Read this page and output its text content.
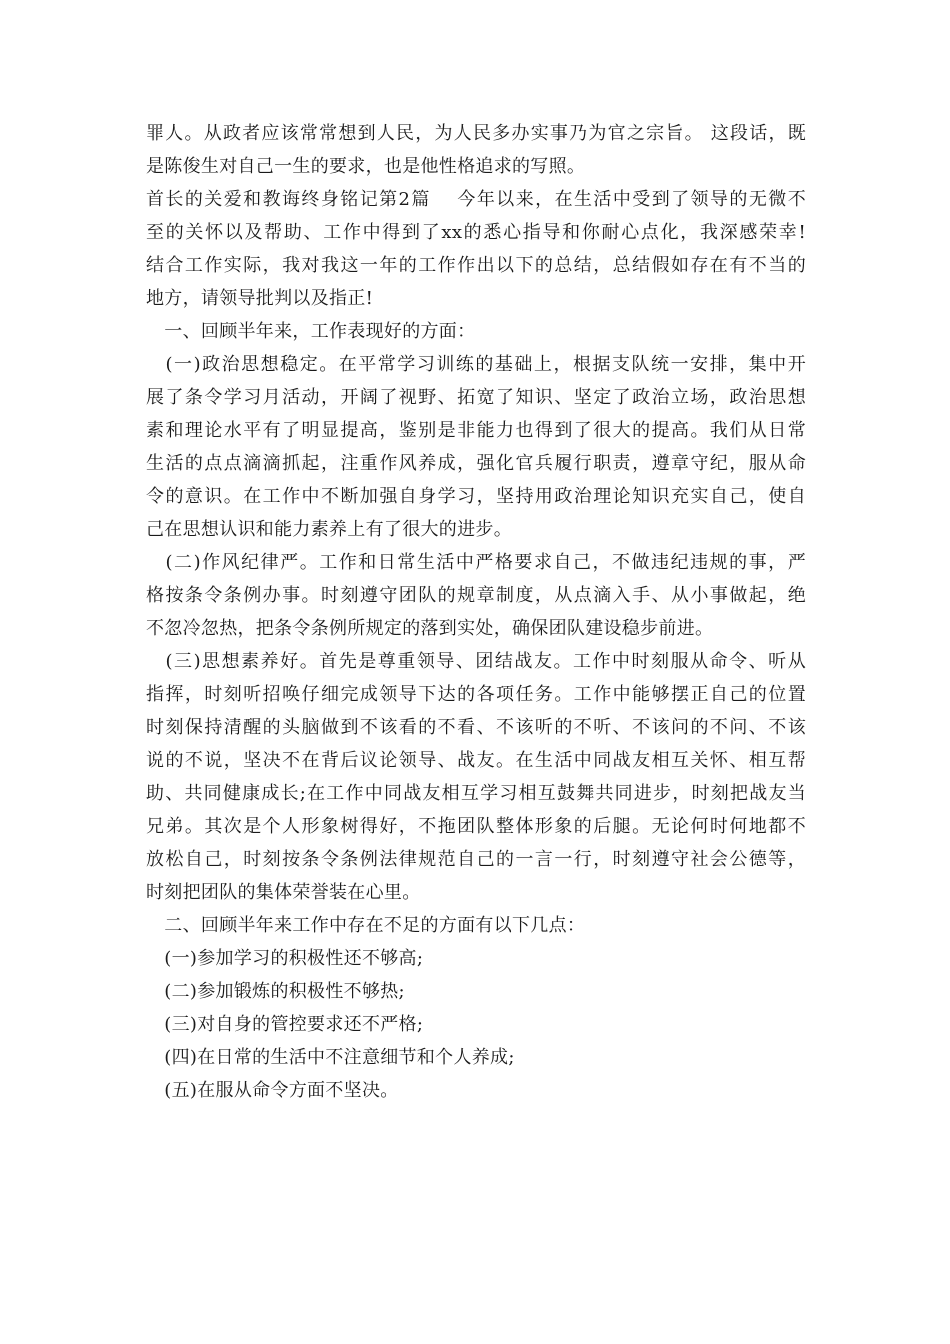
罪人。从政者应该常常想到人民，为人民多办实事乃为官之宗旨。 这段话，既
是陈俊生对自己一生的要求，也是他性格追求的写照。
首长的关爱和教诲终身铭记第2篇　 今年以来，在生活中受到了领导的无微不
至的关怀以及帮助、工作中得到了xx的悉心指导和你耐心点化，我深感荣幸!
结合工作实际，我对我这一年的工作作出以下的总结，总结假如存在有不当的
地方，请领导批判以及指正!
　一、回顾半年来，工作表现好的方面：
　(一)政治思想稳定。在平常学习训练的基础上，根据支队统一安排，集中开
展了条令学习月活动，开阔了视野、拓宽了知识、坚定了政治立场，政治思想
素和理论水平有了明显提高，鉴别是非能力也得到了很大的提高。我们从日常
生活的点点滴滴抓起，注重作风养成，强化官兵履行职责，遵章守纪，服从命
令的意识。在工作中不断加强自身学习，坚持用政治理论知识充实自己，使自
己在思想认识和能力素养上有了很大的进步。
　(二)作风纪律严。工作和日常生活中严格要求自己，不做违纪违规的事，严
格按条令条例办事。时刻遵守团队的规章制度，从点滴入手、从小事做起，绝
不忽冷忽热，把条令条例所规定的落到实处，确保团队建设稳步前进。
　(三)思想素养好。首先是尊重领导、团结战友。工作中时刻服从命令、听从
指挥，时刻听招唤仔细完成领导下达的各项任务。工作中能够摆正自己的位置
时刻保持清醒的头脑做到不该看的不看、不该听的不听、不该问的不问、不该
说的不说，坚决不在背后议论领导、战友。在生活中同战友相互关怀、相互帮
助、共同健康成长;在工作中同战友相互学习相互鼓舞共同进步，时刻把战友当
兄弟。其次是个人形象树得好，不拖团队整体形象的后腿。无论何时何地都不
放松自己，时刻按条令条例法律规范自己的一言一行，时刻遵守社会公德等，
时刻把团队的集体荣誉装在心里。
　二、回顾半年来工作中存在不足的方面有以下几点：
　(一)参加学习的积极性还不够高;
　(二)参加锻炼的积极性不够热;
　(三)对自身的管控要求还不严格;
　(四)在日常的生活中不注意细节和个人养成;
　(五)在服从命令方面不坚决。
